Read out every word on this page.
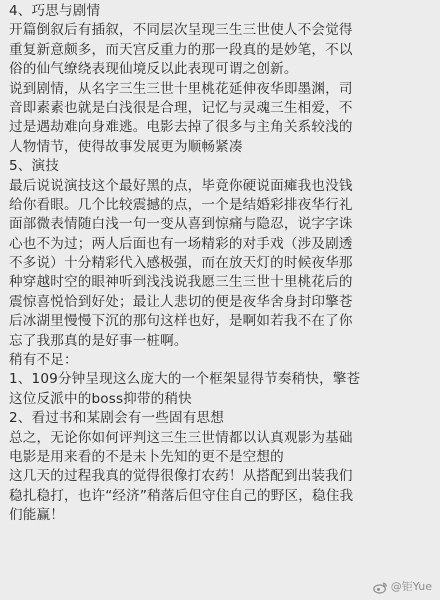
4、巧思与剧情
开篇倒叙后有插叙，不同层次呈现三生三世使人不会觉得
重复新意颇多，而天宫反重力的那一段真的是妙笔，不以
俗的仙气缭绕表现仙境反以此表现可谓之创新。
说到剧情，从名字三生三世十里桃花延伸夜华即墨渊，司
音即素素也就是白浅很是合理，记忆与灵魂三生相爱，不
过是遇劫难向身难逃。电影去掉了很多与主角关系较浅的
人物情节，使得故事发展更为顺畅紧凑
5、演技
最后说说演技这个最好黑的点，毕竟你硬说面瘫我也没钱
给你看眼。几个比较震撼的点，一个是结婚彩排夜华行礼
面部微表情随白浅一句一变从喜到惊痛与隐忍，说字字诛
心也不为过；两人后面也有一场精彩的对手戏（涉及剧透
不多说）十分精彩代入感极强，而在放天灯的时候夜华那
种穿越时空的眼神听到浅浅说我愿三生三世十里桃花后的
震惊喜悦恰到好处；最让人悲切的便是夜华舍身封印擎苍
后冰湖里慢慢下沉的那句这样也好，是啊如若我不在了你
忘了我那真的是好事一桩啊。
稍有不足：
1、109分钟呈现这么庞大的一个框架显得节奏稍快，擎苍
这位反派中的boss抑带的稍快
2、看过书和某剧会有一些固有思想
总之，无论你如何评判这三生三世情都以认真观影为基础
电影是用来看的不是未卜先知的更不是空想的
这几天的过程我真的觉得很像打农药！从搭配到出装我们
稳扎稳打，也许“经济”稍落后但守住自己的野区，稳住我
们能赢！
@钜Yue
